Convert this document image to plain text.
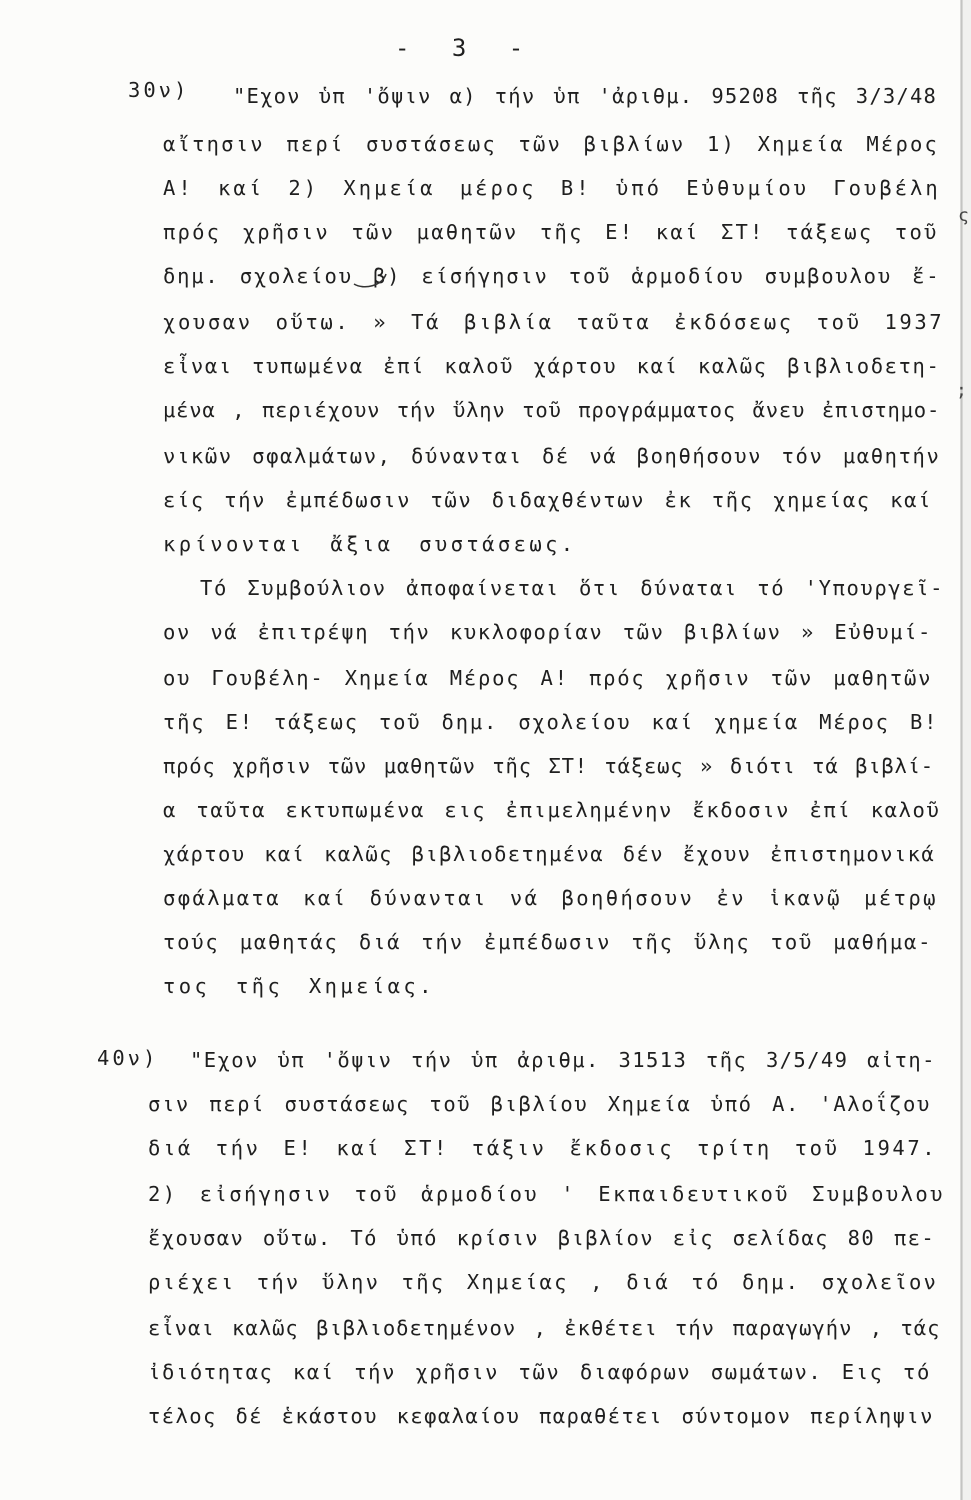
- 3 -
30ν) "Εχον ὑπ 'ὄψιν α) τήν ὑπ 'ἀριθμ. 95208 τῆς 3/3/48
αἴτησιν περί συστάσεως τῶν βιβλίων 1) Χημεία Μέρος
Α! καί 2) Χημεία μέρος Β! ὑπό Εὐθυμίου Γουβέλη
πρός χρῆσιν τῶν μαθητῶν τῆς Ε! καί ΣΤ! τάξεως τοῦ
δημ. σχολείου β) είσήγησιν τοῦ ἁρμοδίου συμβουλου ἔ-
χουσαν οὕτω. » Τά βιβλία ταῦτα ἐκδόσεως τοῦ 1937
εἶναι τυπωμένα ἐπί καλοῦ χάρτου καί καλῶς βιβλιοδετη-
μένα , περιέχουν τήν ὕλην τοῦ προγράμματος ἄνευ ἐπιστημο-
νικῶν σφαλμάτων, δύνανται δέ νά βοηθήσουν τόν μαθητήν
είς τήν ἐμπέδωσιν τῶν διδαχθέντων ἐκ τῆς χημείας καί
κρίνονται ἄξια συστάσεως.
Τό Συμβούλιον ἀποφαίνεται ὅτι δύναται τό 'Υπουργεῖ-
ον νά ἐπιτρέψη τήν κυκλοφορίαν τῶν βιβλίων » Εὐθυμί-
ου Γουβέλη- Χημεία Μέρος Α! πρός χρῆσιν τῶν μαθητῶν
τῆς Ε! τάξεως τοῦ δημ. σχολείου καί χημεία Μέρος Β!
πρός χρῆσιν τῶν μαθητῶν τῆς ΣΤ! τάξεως » διότι τά βιβλί-
α ταῦτα εκτυπωμένα εις ἐπιμελημένην ἔκδοσιν ἐπί καλοῦ
χάρτου καί καλῶς βιβλιοδετημένα δέν ἔχουν ἐπιστημονικά
σφάλματα καί δύνανται νά βοηθήσουν ἐν ἱκανῷ μέτρῳ
τούς μαθητάς διά τήν ἐμπέδωσιν τῆς ὕλης τοῦ μαθήμα-
τος τῆς Χημείας.
40ν) "Εχον ὑπ 'ὄψιν τήν ὑπ ἀριθμ. 31513 τῆς 3/5/49 αἰτη-
σιν περί συστάσεως τοῦ βιβλίου Χημεία ὑπό Α. 'Αλοΐζου
διά τήν Ε! καί ΣΤ! τάξιν ἔκδοσις τρίτη τοῦ 1947.
2) εἰσήγησιν τοῦ ἁρμοδίου ' Εκπαιδευτικοῦ Συμβουλου
ἔχουσαν οὕτω. Τό ὑπό κρίσιν βιβλίον εἰς σελίδας 80 πε-
ριέχει τήν ὕλην τῆς Χημείας , διά τό δημ. σχολεῖον
εἶναι καλῶς βιβλιοδετημένον , ἐκθέτει τήν παραγωγήν , τάς
ἰδιότητας καί τήν χρῆσιν τῶν διαφόρων σωμάτων. Εις τό
τέλος δέ ἑκάστου κεφαλαίου παραθέτει σύντομον περίληψιν
ς
;
